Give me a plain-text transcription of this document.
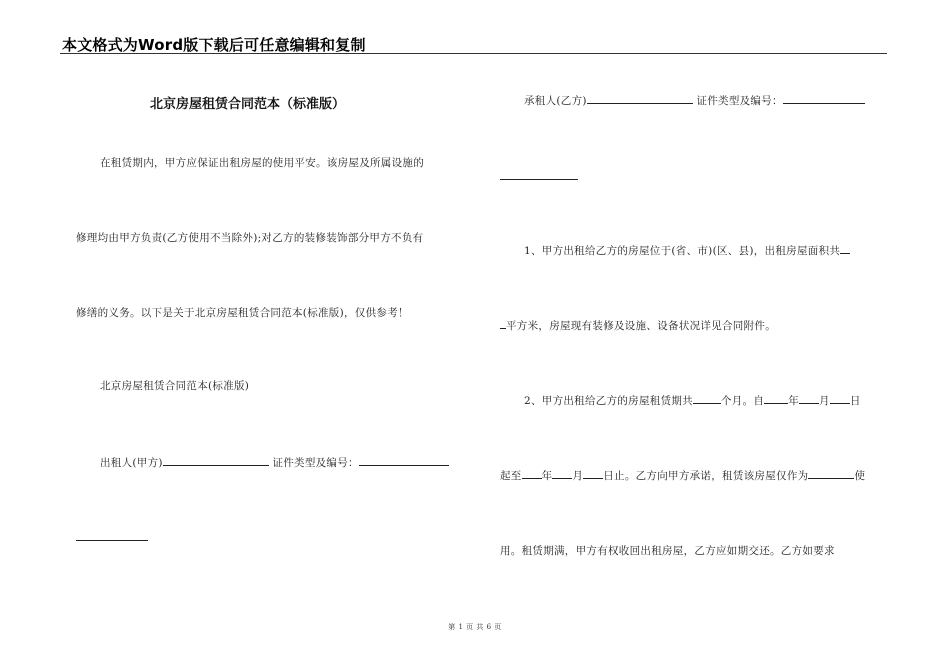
本文格式为Word版下载后可任意编辑和复制
在租赁期内，甲方应保证出租房屋的使用平安。该房屋及所属设施的
修理均由甲方负责(乙方使用不当除外);对乙方的装修装饰部分甲方不负有
修缮的义务。以下是关于北京房屋租赁合同范本(标准版)，仅供参考！
北京房屋租赁合同范本(标准版)
出租人(甲方)	证件类型及编号：
北京房屋租赁合同范本（标准版）	承租人(乙方)	证件类型及编号：
1、甲方出租给乙方的房屋位于(省、市)(区、县)，出租房屋面积共
平方米，房屋现有装修及设施、设备状况详见合同附件。
2、甲方出租给乙方的房屋租赁期共	个月。自 年 月 日
起至 年 月 日止。乙方向甲方承诺，租赁该房屋仅作为	使
用。租赁期满，甲方有权收回出租房屋，乙方应如期交还。乙方如要求
第 1 页 共 6 页
